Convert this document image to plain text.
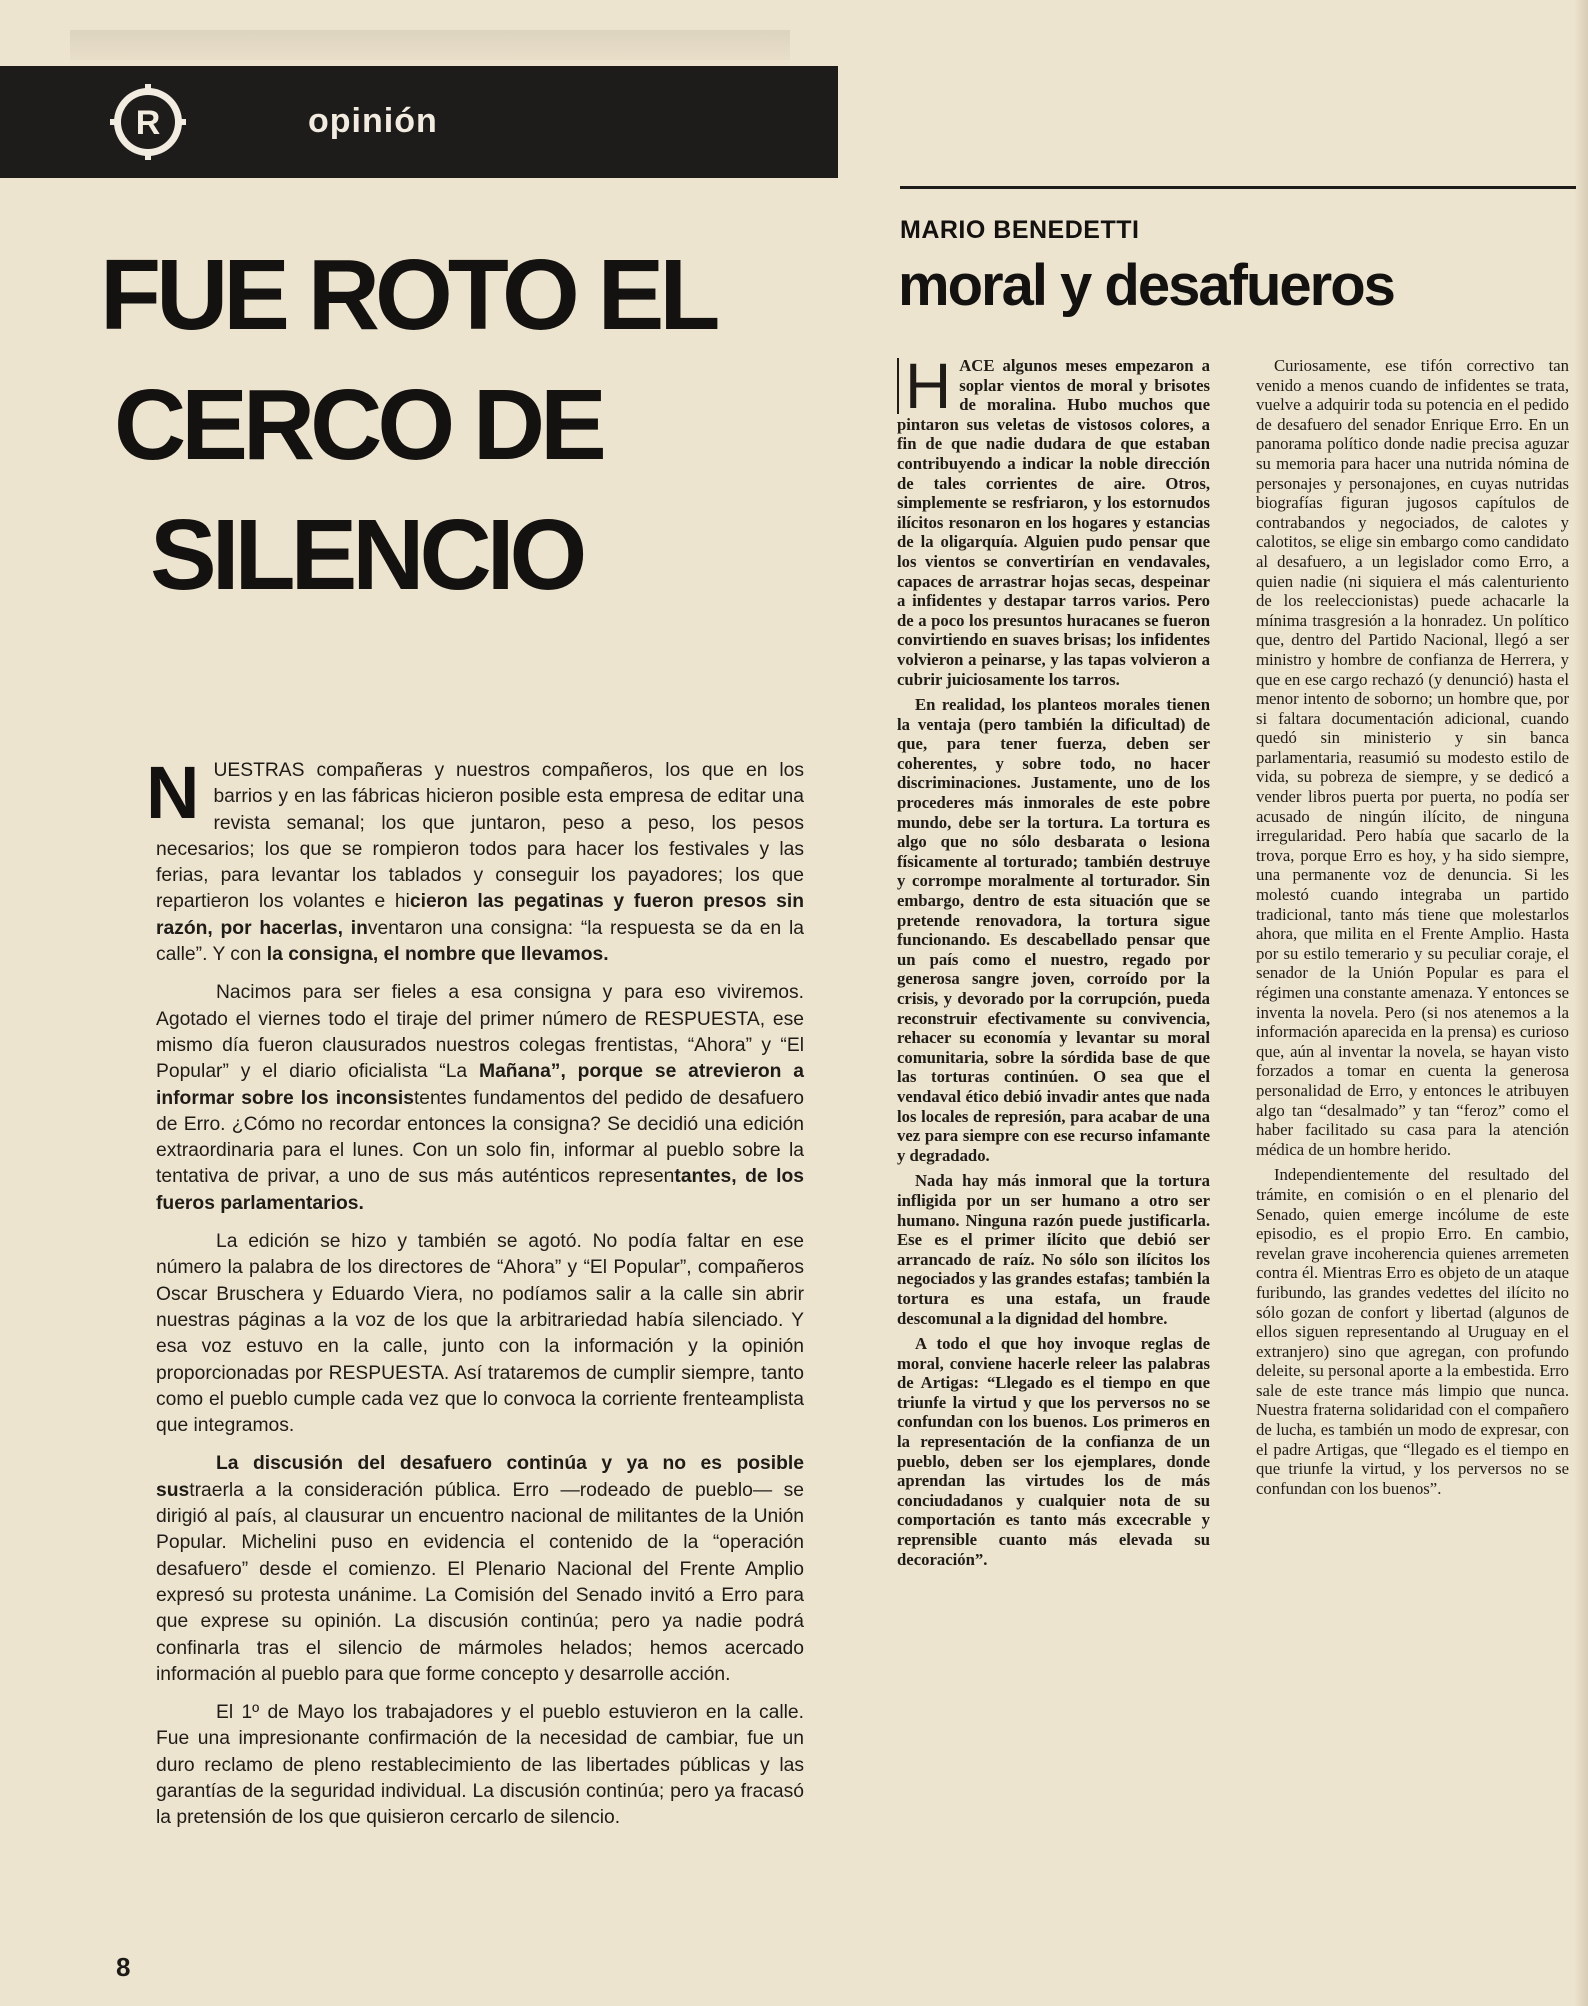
R	opinión
FUE ROTO EL
CERCO DE
SILENCIO

NUESTRAS compañeras y nuestros compañeros, los que en los barrios y en las fábricas hicieron posible esta empresa de editar una revista semanal; los que juntaron, peso a peso, los pesos necesarios; los que se rompieron todos para hacer los festivales y las ferias, para levantar los tablados y conseguir los payadores; los que repartieron los volantes e hicieron las pegatinas y fueron presos sin razón, por hacerlas, inventaron una consigna: “la respuesta se da en la calle”. Y con la consigna, el nombre que llevamos.

Nacimos para ser fieles a esa consigna y para eso viviremos. Agotado el viernes todo el tiraje del primer número de RESPUESTA, ese mismo día fueron clausurados nuestros colegas frentistas, “Ahora” y “El Popular” y el diario oficialista “La Mañana”, porque se atrevieron a informar sobre los inconsistentes fundamentos del pedido de desafuero de Erro. ¿Cómo no recordar entonces la consigna? Se decidió una edición extraordinaria para el lunes. Con un solo fin, informar al pueblo sobre la tentativa de privar, a uno de sus más auténticos representantes, de los fueros parlamentarios.

La edición se hizo y también se agotó. No podía faltar en ese número la palabra de los directores de “Ahora” y “El Popular”, compañeros Oscar Bruschera y Eduardo Viera, no podíamos salir a la calle sin abrir nuestras páginas a la voz de los que la arbitrariedad había silenciado. Y esa voz estuvo en la calle, junto con la información y la opinión proporcionadas por RESPUESTA. Así trataremos de cumplir siempre, tanto como el pueblo cumple cada vez que lo convoca la corriente frenteamplista que integramos.

La discusión del desafuero continúa y ya no es posible sustraerla a la consideración pública. Erro —rodeado de pueblo— se dirigió al país, al clausurar un encuentro nacional de militantes de la Unión Popular. Michelini puso en evidencia el contenido de la “operación desafuero” desde el comienzo. El Plenario Nacional del Frente Amplio expresó su protesta unánime. La Comisión del Senado invitó a Erro para que exprese su opinión. La discusión continúa; pero ya nadie podrá confinarla tras el silencio de mármoles helados; hemos acercado información al pueblo para que forme concepto y desarrolle acción.

El 1º de Mayo los trabajadores y el pueblo estuvieron en la calle. Fue una impresionante confirmación de la necesidad de cambiar, fue un duro reclamo de pleno restablecimiento de las libertades públicas y las garantías de la seguridad individual. La discusión continúa; pero ya fracasó la pretensión de los que quisieron cercarlo de silencio.

8
MARIO BENEDETTI
moral y desafueros

H ACE algunos meses empezaron a soplar vientos de moral y brisotes de moralina. Hubo muchos que pintaron sus veletas de vistosos colores, a fin de que nadie dudara de que estaban contribuyendo a indicar la noble dirección de tales corrientes de aire. Otros, simplemente se resfriaron, y los estornudos ilícitos resonaron en los hogares y estancias de la oligarquía. Alguien pudo pensar que los vientos se convertirían en vendavales, capaces de arrastrar hojas secas, despeinar a infidentes y destapar tarros varios. Pero de a poco los presuntos huracanes se fueron convirtiendo en suaves brisas; los infidentes volvieron a peinarse, y las tapas volvieron a cubrir juiciosamente los tarros.

En realidad, los planteos morales tienen la ventaja (pero también la dificultad) de que, para tener fuerza, deben ser coherentes, y sobre todo, no hacer discriminaciones. Justamente, uno de los procederes más inmorales de este pobre mundo, debe ser la tortura. La tortura es algo que no sólo desbarata o lesiona físicamente al torturado; también destruye y corrompe moralmente al torturador. Sin embargo, dentro de esta situación que se pretende renovadora, la tortura sigue funcionando. Es descabellado pensar que un país como el nuestro, regado por generosa sangre joven, corroído por la crisis, y devorado por la corrupción, pueda reconstruir efectivamente su convivencia, rehacer su economía y levantar su moral comunitaria, sobre la sórdida base de que las torturas continúen. O sea que el vendaval ético debió invadir antes que nada los locales de represión, para acabar de una vez para siempre con ese recurso infamante y degradado.

Nada hay más inmoral que la tortura infligida por un ser humano a otro ser humano. Ninguna razón puede justificarla. Ese es el primer ilícito que debió ser arrancado de raíz. No sólo son ilícitos los negociados y las grandes estafas; también la tortura es una estafa, un fraude descomunal a la dignidad del hombre.

A todo el que hoy invoque reglas de moral, conviene hacerle releer las palabras de Artigas: “Llegado es el tiempo en que triunfe la virtud y que los perversos no se confundan con los buenos. Los primeros en la representación de la confianza de un pueblo, deben ser los ejemplares, donde aprendan las virtudes los de más conciudadanos y cualquier nota de su comportación es tanto más excecrable y reprensible cuanto más elevada su decoración”.

Curiosamente, ese tifón correctivo tan venido a menos cuando de infidentes se trata, vuelve a adquirir toda su potencia en el pedido de desafuero del senador Enrique Erro. En un panorama político donde nadie precisa aguzar su memoria para hacer una nutrida nómina de personajes y personajones, en cuyas nutridas biografías figuran jugosos capítulos de contrabandos y negociados, de calotes y calotitos, se elige sin embargo como candidato al desafuero, a un legislador como Erro, a quien nadie (ni siquiera el más calenturiento de los reeleccionistas) puede achacarle la mínima trasgresión a la honradez. Un político que, dentro del Partido Nacional, llegó a ser ministro y hombre de confianza de Herrera, y que en ese cargo rechazó (y denunció) hasta el menor intento de soborno; un hombre que, por si faltara documentación adicional, cuando quedó sin ministerio y sin banca parlamentaria, reasumió su modesto estilo de vida, su pobreza de siempre, y se dedicó a vender libros puerta por puerta, no podía ser acusado de ningún ilícito, de ninguna irregularidad. Pero había que sacarlo de la trova, porque Erro es hoy, y ha sido siempre, una permanente voz de denuncia. Si les molestó cuando integraba un partido tradicional, tanto más tiene que molestarlos ahora, que milita en el Frente Amplio. Hasta por su estilo temerario y su peculiar coraje, el senador de la Unión Popular es para el régimen una constante amenaza. Y entonces se inventa la novela. Pero (si nos atenemos a la información aparecida en la prensa) es curioso que, aún al inventar la novela, se hayan visto forzados a tomar en cuenta la generosa personalidad de Erro, y entonces le atribuyen algo tan “desalmado” y tan “feroz” como el haber facilitado su casa para la atención médica de un hombre herido.

Independientemente del resultado del trámite, en comisión o en el plenario del Senado, quien emerge incólume de este episodio, es el propio Erro. En cambio, revelan grave incoherencia quienes arremeten contra él. Mientras Erro es objeto de un ataque furibundo, las grandes vedettes del ilícito no sólo gozan de confort y libertad (algunos de ellos siguen representando al Uruguay en el extranjero) sino que agregan, con profundo deleite, su personal aporte a la embestida. Erro sale de este trance más limpio que nunca. Nuestra fraterna solidaridad con el compañero de lucha, es también un modo de expresar, con el padre Artigas, que “llegado es el tiempo en que triunfe la virtud, y los perversos no se confundan con los buenos”.
